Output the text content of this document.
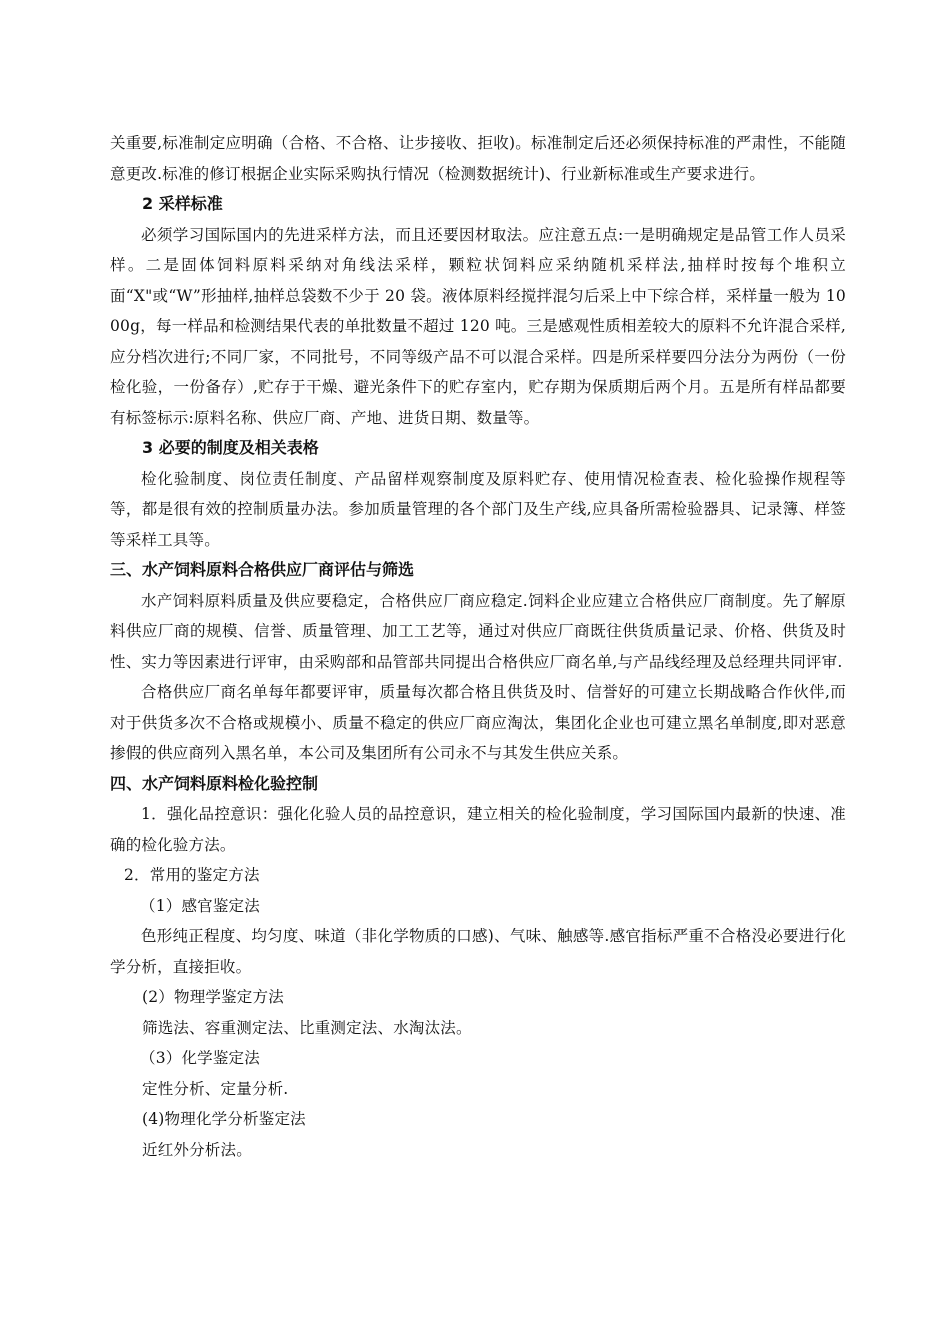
关重要,标准制定应明确（合格、不合格、让步接收、拒收)。标准制定后还必须保持标准的严肃性，不能随意更改.标准的修订根据企业实际采购执行情况（检测数据统计)、行业新标准或生产要求进行。

2 采样标准

必须学习国际国内的先进采样方法，而且还要因材取法。应注意五点:一是明确规定是品管工作人员采样。二是固体饲料原料采纳对角线法采样，颗粒状饲料应采纳随机采样法,抽样时按每个堆积立面“X"或“W”形抽样,抽样总袋数不少于 20 袋。液体原料经搅拌混匀后采上中下综合样，采样量一般为 1000g，每一样品和检测结果代表的单批数量不超过 120 吨。三是感观性质相差较大的原料不允许混合采样,应分档次进行;不同厂家，不同批号，不同等级产品不可以混合采样。四是所采样要四分法分为两份（一份检化验，一份备存）,贮存于干燥、避光条件下的贮存室内，贮存期为保质期后两个月。五是所有样品都要有标签标示:原料名称、供应厂商、产地、进货日期、数量等。

3 必要的制度及相关表格

检化验制度、岗位责任制度、产品留样观察制度及原料贮存、使用情况检查表、检化验操作规程等等，都是很有效的控制质量办法。参加质量管理的各个部门及生产线,应具备所需检验器具、记录簿、样签等采样工具等。

三、水产饲料原料合格供应厂商评估与筛选

水产饲料原料质量及供应要稳定，合格供应厂商应稳定.饲料企业应建立合格供应厂商制度。先了解原料供应厂商的规模、信誉、质量管理、加工工艺等，通过对供应厂商既往供货质量记录、价格、供货及时性、实力等因素进行评审，由采购部和品管部共同提出合格供应厂商名单,与产品线经理及总经理共同评审.

合格供应厂商名单每年都要评审，质量每次都合格且供货及时、信誉好的可建立长期战略合作伙伴,而对于供货多次不合格或规模小、质量不稳定的供应厂商应淘汰，集团化企业也可建立黑名单制度,即对恶意掺假的供应商列入黑名单，本公司及集团所有公司永不与其发生供应关系。

四、水产饲料原料检化验控制

1．强化品控意识：强化化验人员的品控意识，建立相关的检化验制度，学习国际国内最新的快速、准确的检化验方法。

2．常用的鉴定方法

（1）感官鉴定法

色形纯正程度、均匀度、味道（非化学物质的口感)、气味、触感等.感官指标严重不合格没必要进行化学分析，直接拒收。

(2）物理学鉴定方法

筛选法、容重测定法、比重测定法、水淘汰法。

（3）化学鉴定法

定性分析、定量分析.

(4)物理化学分析鉴定法

近红外分析法。
